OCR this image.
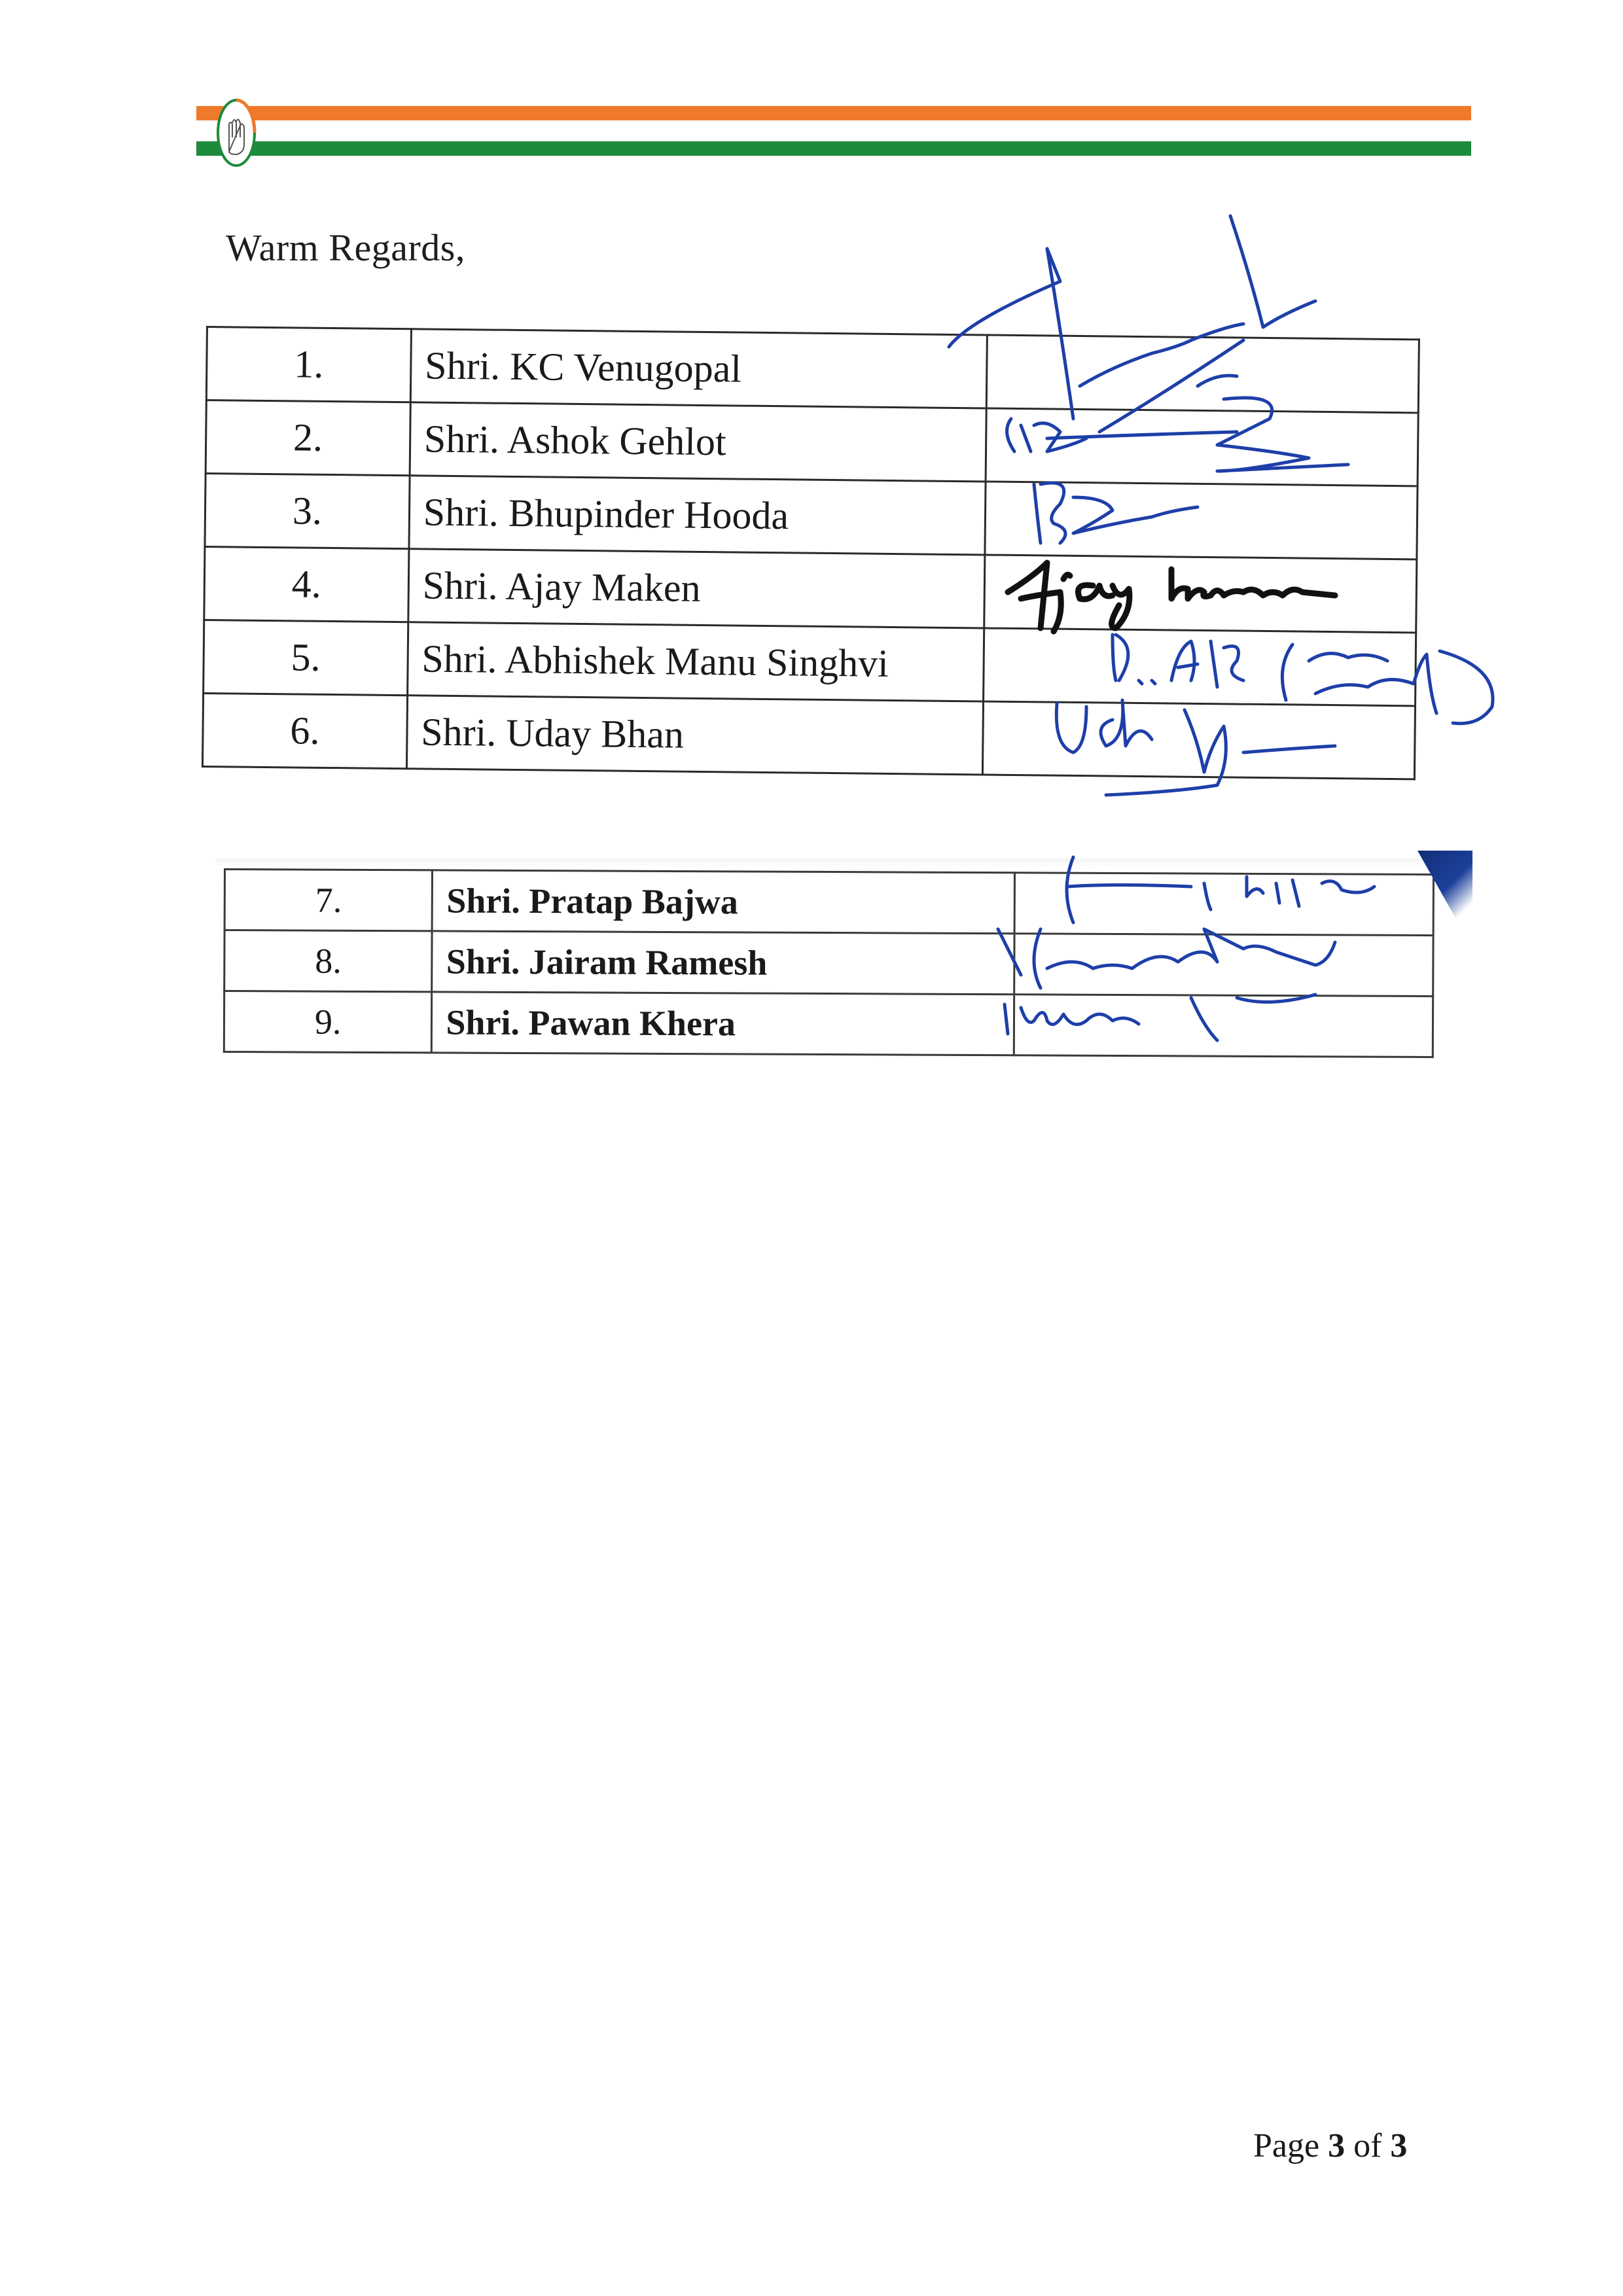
Warm Regards,
1.	Shri. KC Venugopal	
2.	Shri. Ashok Gehlot	
3.	Shri. Bhupinder Hooda	
4.	Shri. Ajay Maken	
5.	Shri. Abhishek Manu Singhvi	
6.	Shri. Uday Bhan	
7.	Shri. Pratap Bajwa	
8.	Shri. Jairam Ramesh	
9.	Shri. Pawan Khera	
Page 3 of 3
